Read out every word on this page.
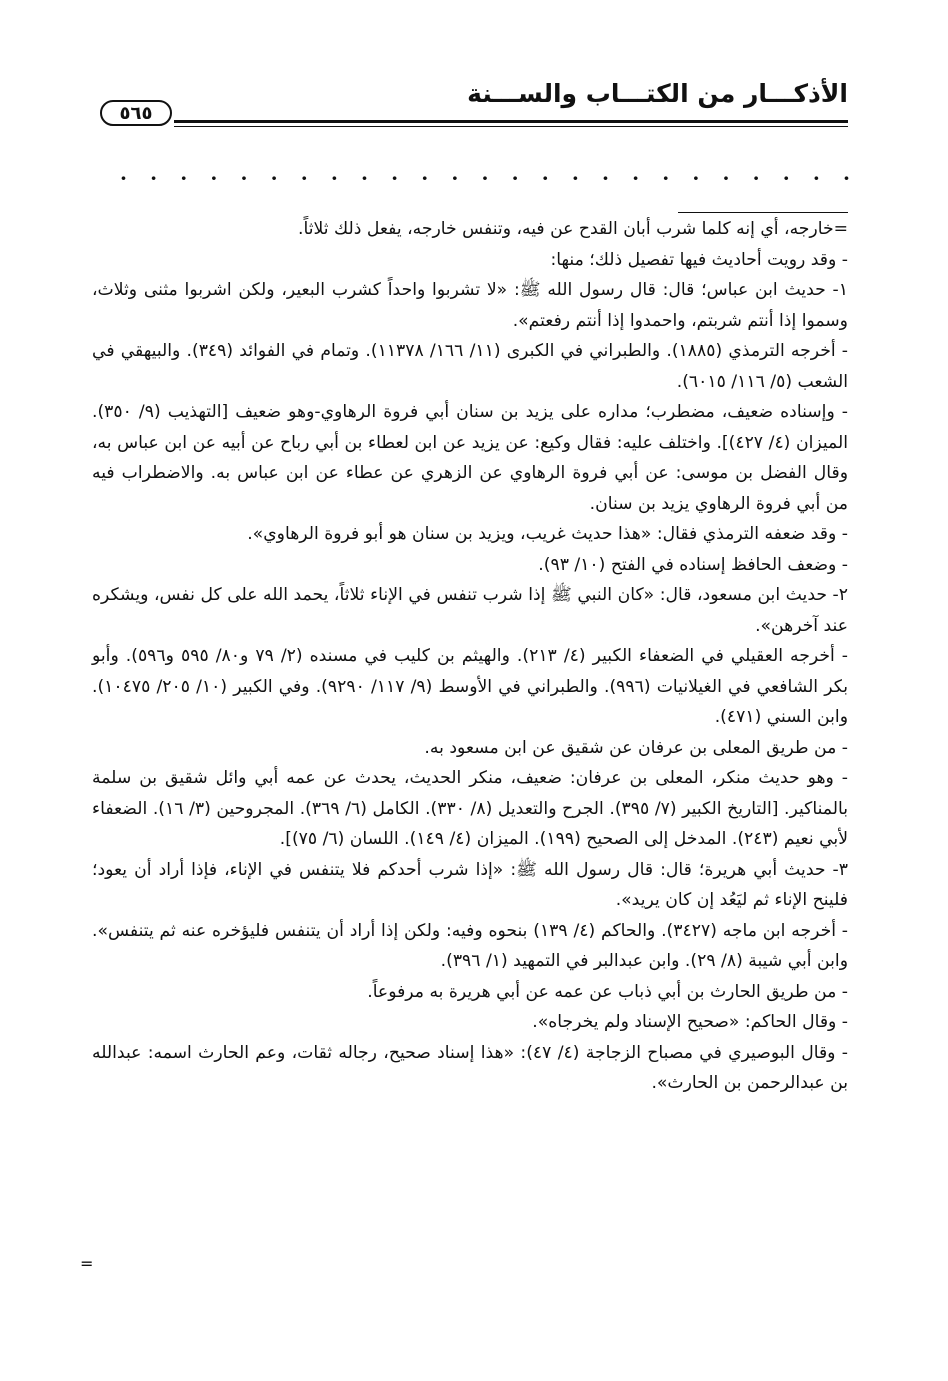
الأذكـــار من الكتـــاب والســـنة
٥٦٥
· · · · · · · · · · · · · · · · · · · · · · · · ·

=خارجه، أي إنه كلما شرب أبان القدح عن فيه، وتنفس خارجه، يفعل ذلك ثلاثاً.

- وقد رويت أحاديث فيها تفصيل ذلك؛ منها:

١- حديث ابن عباس؛ قال: قال رسول الله ﷺ: «لا تشربوا واحداً كشرب البعير، ولكن اشربوا مثنى وثلاث، وسموا إذا أنتم شربتم، واحمدوا إذا أنتم رفعتم».

- أخرجه الترمذي (١٨٨٥). والطبراني في الكبرى (١١/ ١٦٦/ ١١٣٧٨). وتمام في الفوائد (٣٤٩). والبيهقي في الشعب (٥/ ١١٦/ ٦٠١٥).

- وإسناده ضعيف، مضطرب؛ مداره على يزيد بن سنان أبي فروة الرهاوي-وهو ضعيف [التهذيب (٩/ ٣٥٠). الميزان (٤/ ٤٢٧)]. واختلف عليه: فقال وكيع: عن يزيد عن ابن لعطاء بن أبي رباح عن أبيه عن ابن عباس به، وقال الفضل بن موسى: عن أبي فروة الرهاوي عن الزهري عن عطاء عن ابن عباس به. والاضطراب فيه من أبي فروة الرهاوي يزيد بن سنان.

- وقد ضعفه الترمذي فقال: «هذا حديث غريب، ويزيد بن سنان هو أبو فروة الرهاوي».

- وضعف الحافظ إسناده في الفتح (١٠/ ٩٣).

٢- حديث ابن مسعود، قال: «كان النبي ﷺ إذا شرب تنفس في الإناء ثلاثاً، يحمد الله على كل نفس، ويشكره عند آخرهن».

- أخرجه العقيلي في الضعفاء الكبير (٤/ ٢١٣). والهيثم بن كليب في مسنده (٢/ ٧٩ و٨٠/ ٥٩٥ و٥٩٦). وأبو بكر الشافعي في الغيلانيات (٩٩٦). والطبراني في الأوسط (٩/ ١١٧/ ٩٢٩٠). وفي الكبير (١٠/ ٢٠٥/ ١٠٤٧٥). وابن السني (٤٧١).

- من طريق المعلى بن عرفان عن شقيق عن ابن مسعود به.

- وهو حديث منكر، المعلى بن عرفان: ضعيف، منكر الحديث، يحدث عن عمه أبي وائل شقيق بن سلمة بالمناكير. [التاريخ الكبير (٧/ ٣٩٥). الجرح والتعديل (٨/ ٣٣٠). الكامل (٦/ ٣٦٩). المجروحين (٣/ ١٦). الضعفاء لأبي نعيم (٢٤٣). المدخل إلى الصحيح (١٩٩). الميزان (٤/ ١٤٩). اللسان (٦/ ٧٥)].

٣- حديث أبي هريرة؛ قال: قال رسول الله ﷺ: «إذا شرب أحدكم فلا يتنفس في الإناء، فإذا أراد أن يعود؛ فلينح الإناء ثم ليَعُد إن كان يريد».

- أخرجه ابن ماجه (٣٤٢٧). والحاكم (٤/ ١٣٩) بنحوه وفيه: ولكن إذا أراد أن يتنفس فليؤخره عنه ثم يتنفس». وابن أبي شيبة (٨/ ٢٩). وابن عبدالبر في التمهيد (١/ ٣٩٦).

- من طريق الحارث بن أبي ذباب عن عمه عن أبي هريرة به مرفوعاً.

- وقال الحاكم: «صحيح الإسناد ولم يخرجاه».

- وقال البوصيري في مصباح الزجاجة (٤/ ٤٧): «هذا إسناد صحيح، رجاله ثقات، وعم الحارث اسمه: عبدالله بن عبدالرحمن بن الحارث».

=
